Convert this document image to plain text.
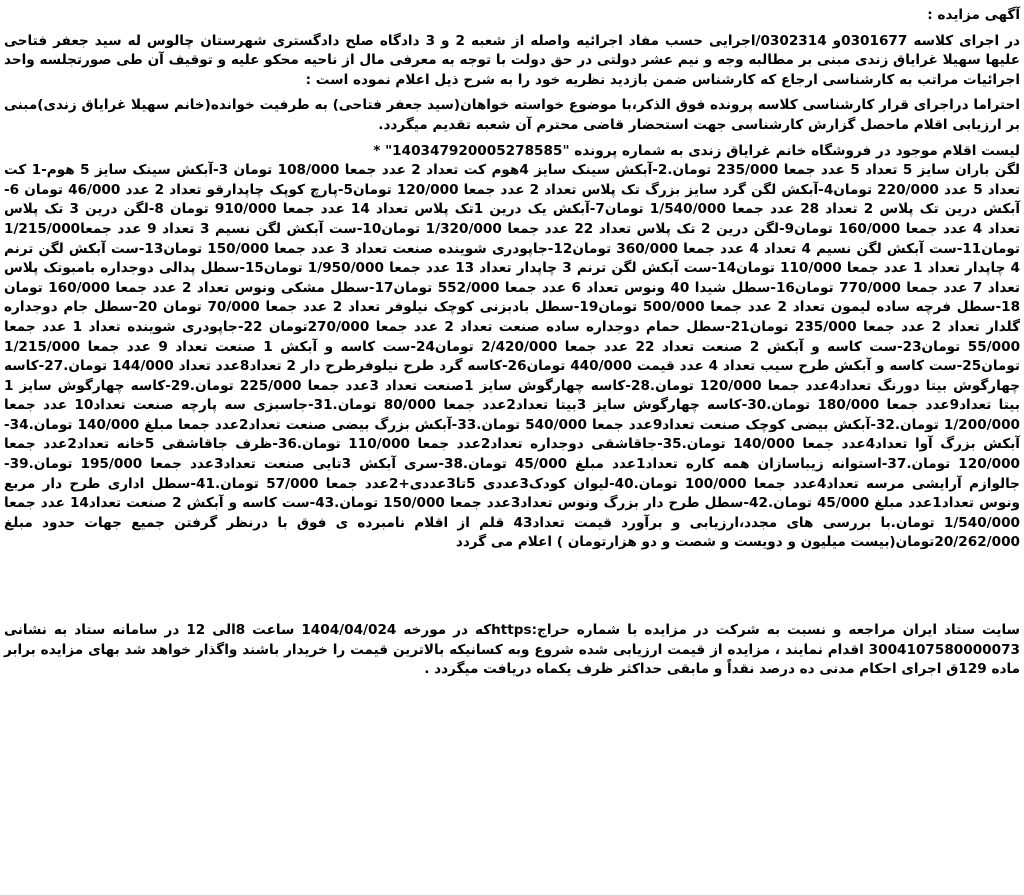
آگهی مزایده :

در اجرای کلاسه 0301677و 0302314/اجرایی حسب مفاد اجرائیه واصله از شعبه 2 و 3 دادگاه صلح دادگستری شهرستان چالوس له سید جعفر فتاحی علیها سهیلا غرایاق زندی مبنی بر مطالبه وجه و نیم عشر دولتی در حق دولت با توجه به معرفی مال از ناحیه محکو علیه و توقیف آن طی صورتجلسه واحد اجرائیات مراتب به کارشناسی ارجاع که کارشناس ضمن بازدید نظریه خود را به شرح ذیل اعلام نموده است :

احتراما دراجرای قرار کارشناسی کلاسه پرونده فوق الذکر،با موضوع خواسته خواهان(سید جعفر فتاحی) به طرفیت خوانده(خانم سهیلا غرایاق زندی)مبنی بر ارزیابی اقلام ماحصل گزارش کارشناسی جهت استحضار قاضی محترم آن شعبه تقدیم میگردد.

لیست اقلام موجود در فروشگاه خانم غرایاق زندی به شماره پرونده "140347920005278585" *

لگن باران سایز 5 تعداد 5 عدد جمعا 235/000 تومان.2-آبکش سینک سایز 4هوم کت تعداد 2 عدد جمعا 108/000 تومان 3-آبکش سینک سایز 5 هوم-1 کت تعداد 5 عدد 220/000 تومان4-آبکش لگن گرد سایز بزرگ تک پلاس تعداد 2 عدد جمعا 120/000 تومان5-پارچ کوپک چاپدارقو تعداد 2 عدد 46/000 تومان 6-آبکش درین تک پلاس 2 تعداد 28 عدد جمعا 1/540/000 تومان7-آبکش یک درین 1تک پلاس تعداد 14 عدد جمعا 910/000 تومان 8-لگن درین 3 تک پلاس تعداد 4 عدد جمعا 160/000 تومان9-لگن درین 2 تک پلاس تعداد 22 عدد جمعا 1/320/000 تومان10-ست آبکش لگن نسیم 3 تعداد 9 عدد جمعا1/215/000 تومان11-ست آبکش لگن نسیم 4 تعداد 4 عدد جمعا 360/000 تومان12-جاپودری شوینده صنعت تعداد 3 عدد جمعا 150/000 تومان13-ست آبکش لگن ترنم 4 چاپدار تعداد 1 عدد جمعا 110/000 تومان14-ست آبکش لگن ترنم 3 چاپدار تعداد 13 عدد جمعا 1/950/000 تومان15-سطل پدالی دوجداره بامبوتک پلاس تعداد 7 عدد جمعا 770/000 تومان16-سطل شیدا 40 ونوس تعداد 6 عدد جمعا 552/000 تومان17-سطل مشکی ونوس تعداد 2 عدد جمعا 160/000 تومان 18-سطل فرچه ساده لیمون تعداد 2 عدد جمعا 500/000 تومان19-سطل بادبزنی کوچک نیلوفر تعداد 2 عدد جمعا 70/000 تومان 20-سطل جام دوجداره گلدار تعداد 2 عدد جمعا 235/000 تومان21-سطل حمام دوجداره ساده صنعت تعداد 2 عدد جمعا 270/000تومان 22-جاپودری شوینده تعداد 1 عدد جمعا 55/000 تومان23-ست کاسه و آبکش 2 صنعت تعداد 22 عدد جمعا 2/420/000 تومان24-ست کاسه و آبکش 1 صنعت تعداد 9 عدد جمعا 1/215/000 تومان25-ست کاسه و آبکش طرح سیب تعداد 4 عدد قیمت 440/000 تومان26-کاسه گرد طرح نیلوفرطرح دار 2 تعداد8عدد تعداد 144/000 تومان.27-کاسه چهارگوش بیتا دورنگ تعداد4عدد جمعا 120/000 تومان.28-کاسه چهارگوش سایز 1صنعت تعداد 3عدد جمعا 225/000 تومان.29-کاسه چهارگوش سایز 1 بیتا تعداد9عدد جمعا 180/000 تومان.30-کاسه چهارگوش سایز 3بیتا تعداد2عدد جمعا 80/000 تومان.31-جاسبزی سه پارچه صنعت تعداد10 عدد جمعا 1/200/000 تومان.32-آبکش بیضی کوچک صنعت تعداد9عدد جمعا 540/000 تومان.33-آبکش بزرگ بیضی صنعت تعداد2عدد جمعا مبلغ 140/000 تومان.34-آبکش بزرگ آوا تعداد4عدد جمعا 140/000 تومان.35-جاقاشقی دوجداره تعداد2عدد جمعا 110/000 تومان.36-ظرف جاقاشقی 5خانه تعداد2عدد جمعا 120/000 تومان.37-استوانه زیباسازان همه کاره تعداد1عدد مبلغ 45/000 تومان.38-سری آبکش 3تایی صنعت تعداد3عدد جمعا 195/000 تومان.39-جالوازم آرایشی مرسه تعداد4عدد جمعا 100/000 تومان.40-لیوان کودک3عددی 5تا3عددی+2عدد جمعا 57/000 تومان.41-سطل اداری طرح دار مربع ونوس تعداد1عدد مبلغ 45/000 تومان.42-سطل طرح دار بزرگ ونوس تعداد3عدد جمعا 150/000 تومان.43-ست کاسه و آبکش 2 صنعت تعداد14 عدد جمعا 1/540/000 تومان.با بررسی های مجدد،ارزیابی و برآورد قیمت تعداد43 قلم از اقلام نامبرده ی فوق با درنظر گرفتن جمیع جهات حدود مبلغ 20/262/000تومان(بیست میلیون و دویست و شصت و دو هزارتومان ) اعلام می گردد

سایت ستاد ایران مراجعه و نسبت به شرکت در مزایده با شماره حراج:httpsکه در مورخه 1404/04/024 ساعت 8الی 12 در سامانه ستاد به نشانی 3004107580000073 اقدام نمایند ، مزایده از قیمت ارزیابی شده شروع وبه کسانیکه بالاترین قیمت را خریدار باشند واگذار خواهد شد بهای مزایده برابر ماده 129ق اجرای احکام مدنی ده درصد نقداً و مابقی حداکثر ظرف یکماه دریافت میگردد .
